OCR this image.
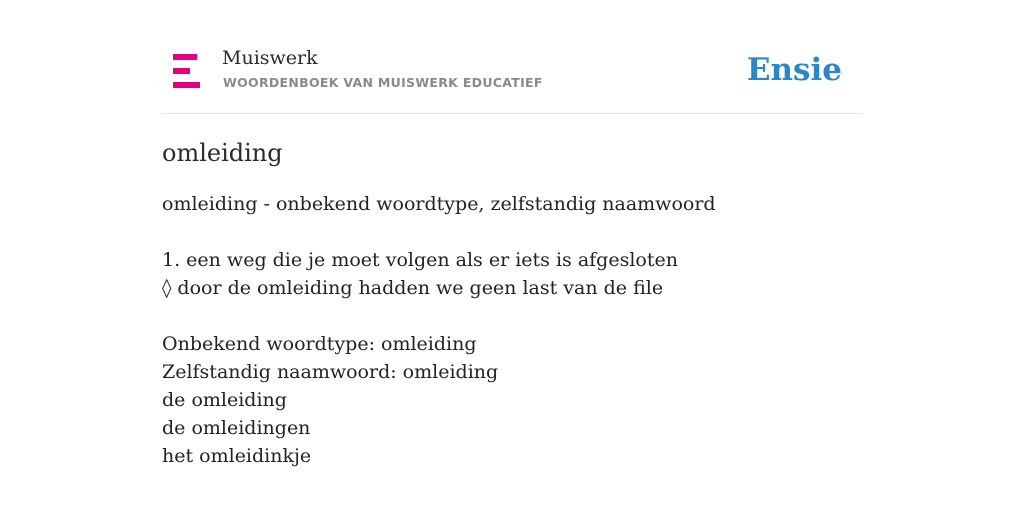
Muiswerk
WOORDENBOEK VAN MUISWERK EDUCATIEF	Ensie
omleiding
omleiding - onbekend woordtype, zelfstandig naamwoord
1. een weg die je moet volgen als er iets is afgesloten
◊ door de omleiding hadden we geen last van de file
Onbekend woordtype: omleiding
Zelfstandig naamwoord: omleiding
de omleiding
de omleidingen
het omleidinkje
